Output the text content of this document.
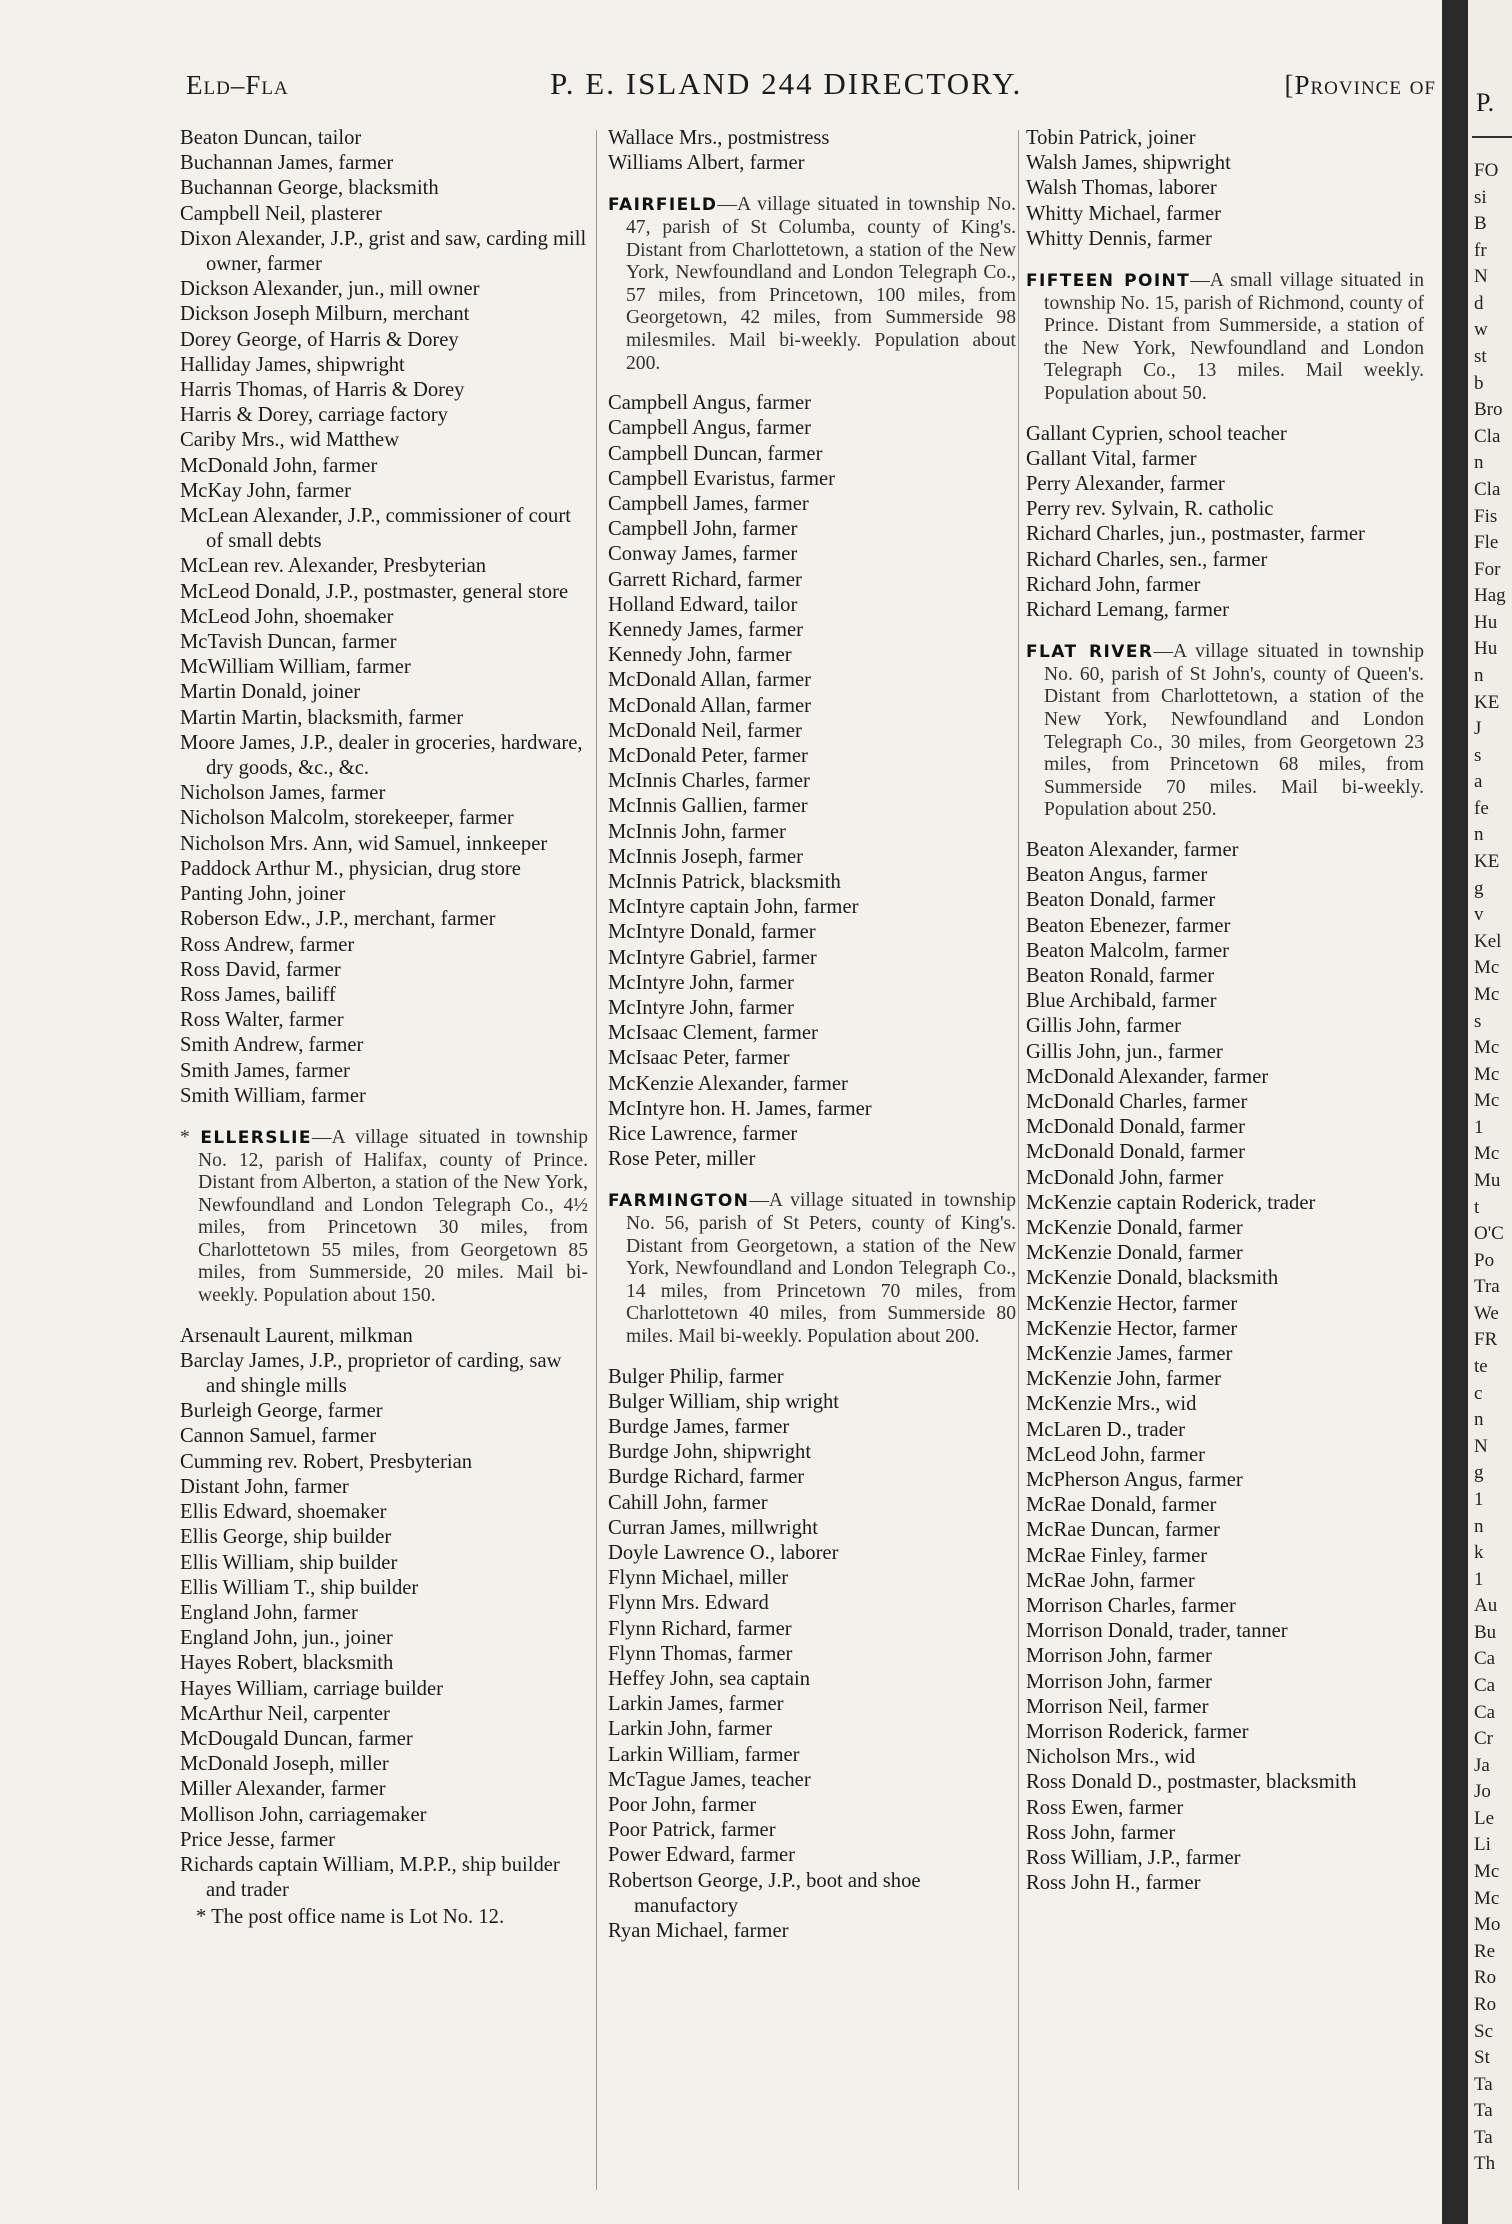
Eld–Fla	P. E. ISLAND 244 DIRECTORY.	[Province of
Beaton Duncan, tailor
Buchannan James, farmer
Buchannan George, blacksmith
Campbell Neil, plasterer
Dixon Alexander, J.P., grist and saw, carding mill owner, farmer
Dickson Alexander, jun., mill owner
Dickson Joseph Milburn, merchant
Dorey George, of Harris & Dorey
Halliday James, shipwright
Harris Thomas, of Harris & Dorey
Harris & Dorey, carriage factory
Cariby Mrs., wid Matthew
McDonald John, farmer
McKay John, farmer
McLean Alexander, J.P., commissioner of court of small debts
McLean rev. Alexander, Presbyterian
McLeod Donald, J.P., postmaster, general store
McLeod John, shoemaker
McTavish Duncan, farmer
McWilliam William, farmer
Martin Donald, joiner
Martin Martin, blacksmith, farmer
Moore James, J.P., dealer in groceries, hardware, dry goods, &c., &c.
Nicholson James, farmer
Nicholson Malcolm, storekeeper, farmer
Nicholson Mrs. Ann, wid Samuel, innkeeper
Paddock Arthur M., physician, drug store
Panting John, joiner
Roberson Edw., J.P., merchant, farmer
Ross Andrew, farmer
Ross David, farmer
Ross James, bailiff
Ross Walter, farmer
Smith Andrew, farmer
Smith James, farmer
Smith William, farmer
* ELLERSLIE—A village situated in township No. 12, parish of Halifax, county of Prince. Distant from Alberton, a station of the New York, Newfoundland and London Telegraph Co., 4½ miles, from Princetown 30 miles, from Charlottetown 55 miles, from Georgetown 85 miles, from Summerside, 20 miles. Mail bi-weekly. Population about 150.
Arsenault Laurent, milkman
Barclay James, J.P., proprietor of carding, saw and shingle mills
Burleigh George, farmer
Cannon Samuel, farmer
Cumming rev. Robert, Presbyterian
Distant John, farmer
Ellis Edward, shoemaker
Ellis George, ship builder
Ellis William, ship builder
Ellis William T., ship builder
England John, farmer
England John, jun., joiner
Hayes Robert, blacksmith
Hayes William, carriage builder
McArthur Neil, carpenter
McDougald Duncan, farmer
McDonald Joseph, miller
Miller Alexander, farmer
Mollison John, carriagemaker
Price Jesse, farmer
Richards captain William, M.P.P., ship builder and trader
* The post office name is Lot No. 12.
Wallace Mrs., postmistress
Williams Albert, farmer
FAIRFIELD—A village situated in township No. 47, parish of St Columba, county of King's. Distant from Charlottetown, a station of the New York, Newfoundland and London Telegraph Co., 57 miles, from Princetown, 100 miles, from Georgetown, 42 miles, from Summerside 98 milesmiles. Mail bi-weekly. Population about 200.
Campbell Angus, farmer
Campbell Angus, farmer
Campbell Duncan, farmer
Campbell Evaristus, farmer
Campbell James, farmer
Campbell John, farmer
Conway James, farmer
Garrett Richard, farmer
Holland Edward, tailor
Kennedy James, farmer
Kennedy John, farmer
McDonald Allan, farmer
McDonald Allan, farmer
McDonald Neil, farmer
McDonald Peter, farmer
McInnis Charles, farmer
McInnis Gallien, farmer
McInnis John, farmer
McInnis Joseph, farmer
McInnis Patrick, blacksmith
McIntyre captain John, farmer
McIntyre Donald, farmer
McIntyre Gabriel, farmer
McIntyre John, farmer
McIntyre John, farmer
McIsaac Clement, farmer
McIsaac Peter, farmer
McKenzie Alexander, farmer
McIntyre hon. H. James, farmer
Rice Lawrence, farmer
Rose Peter, miller
FARMINGTON—A village situated in township No. 56, parish of St Peters, county of King's. Distant from Georgetown, a station of the New York, Newfoundland and London Telegraph Co., 14 miles, from Princetown 70 miles, from Charlottetown 40 miles, from Summerside 80 miles. Mail bi-weekly. Population about 200.
Bulger Philip, farmer
Bulger William, ship wright
Burdge James, farmer
Burdge John, shipwright
Burdge Richard, farmer
Cahill John, farmer
Curran James, millwright
Doyle Lawrence O., laborer
Flynn Michael, miller
Flynn Mrs. Edward
Flynn Richard, farmer
Flynn Thomas, farmer
Heffey John, sea captain
Larkin James, farmer
Larkin John, farmer
Larkin William, farmer
McTague James, teacher
Poor John, farmer
Poor Patrick, farmer
Power Edward, farmer
Robertson George, J.P., boot and shoe manufactory
Ryan Michael, farmer
Tobin Patrick, joiner
Walsh James, shipwright
Walsh Thomas, laborer
Whitty Michael, farmer
Whitty Dennis, farmer
FIFTEEN POINT—A small village situated in township No. 15, parish of Richmond, county of Prince. Distant from Summerside, a station of the New York, Newfoundland and London Telegraph Co., 13 miles. Mail weekly. Population about 50.
Gallant Cyprien, school teacher
Gallant Vital, farmer
Perry Alexander, farmer
Perry rev. Sylvain, R. catholic
Richard Charles, jun., postmaster, farmer
Richard Charles, sen., farmer
Richard John, farmer
Richard Lemang, farmer
FLAT RIVER—A village situated in township No. 60, parish of St John's, county of Queen's. Distant from Charlottetown, a station of the New York, Newfoundland and London Telegraph Co., 30 miles, from Georgetown 23 miles, from Princetown 68 miles, from Summerside 70 miles. Mail bi-weekly. Population about 250.
Beaton Alexander, farmer
Beaton Angus, farmer
Beaton Donald, farmer
Beaton Ebenezer, farmer
Beaton Malcolm, farmer
Beaton Ronald, farmer
Blue Archibald, farmer
Gillis John, farmer
Gillis John, jun., farmer
McDonald Alexander, farmer
McDonald Charles, farmer
McDonald Donald, farmer
McDonald Donald, farmer
McDonald John, farmer
McKenzie captain Roderick, trader
McKenzie Donald, farmer
McKenzie Donald, farmer
McKenzie Donald, blacksmith
McKenzie Hector, farmer
McKenzie Hector, farmer
McKenzie James, farmer
McKenzie John, farmer
McKenzie Mrs., wid
McLaren D., trader
McLeod John, farmer
McPherson Angus, farmer
McRae Donald, farmer
McRae Duncan, farmer
McRae Finley, farmer
McRae John, farmer
Morrison Charles, farmer
Morrison Donald, trader, tanner
Morrison John, farmer
Morrison John, farmer
Morrison Neil, farmer
Morrison Roderick, farmer
Nicholson Mrs., wid
Ross Donald D., postmaster, blacksmith
Ross Ewen, farmer
Ross John, farmer
Ross William, J.P., farmer
Ross John H., farmer
P.
FO
si
B
fr
N
d
w
st
b
Bro
Cla
n
Cla
Fis
Fle
For
Hag
Hu
Hu
n
KE
J
s
a
fe
n
KE
g
v
Kel
Mc
Mc
s
Mc
Mc
Mc
1
Mc
Mu
t
O'C
Po
Tra
We
FR
te
c
n
N
g
1
n
k
1
Au
Bu
Ca
Ca
Ca
Cr
Ja
Jo
Le
Li
Mc
Mc
Mo
Re
Ro
Ro
Sc
St
Ta
Ta
Ta
Th
